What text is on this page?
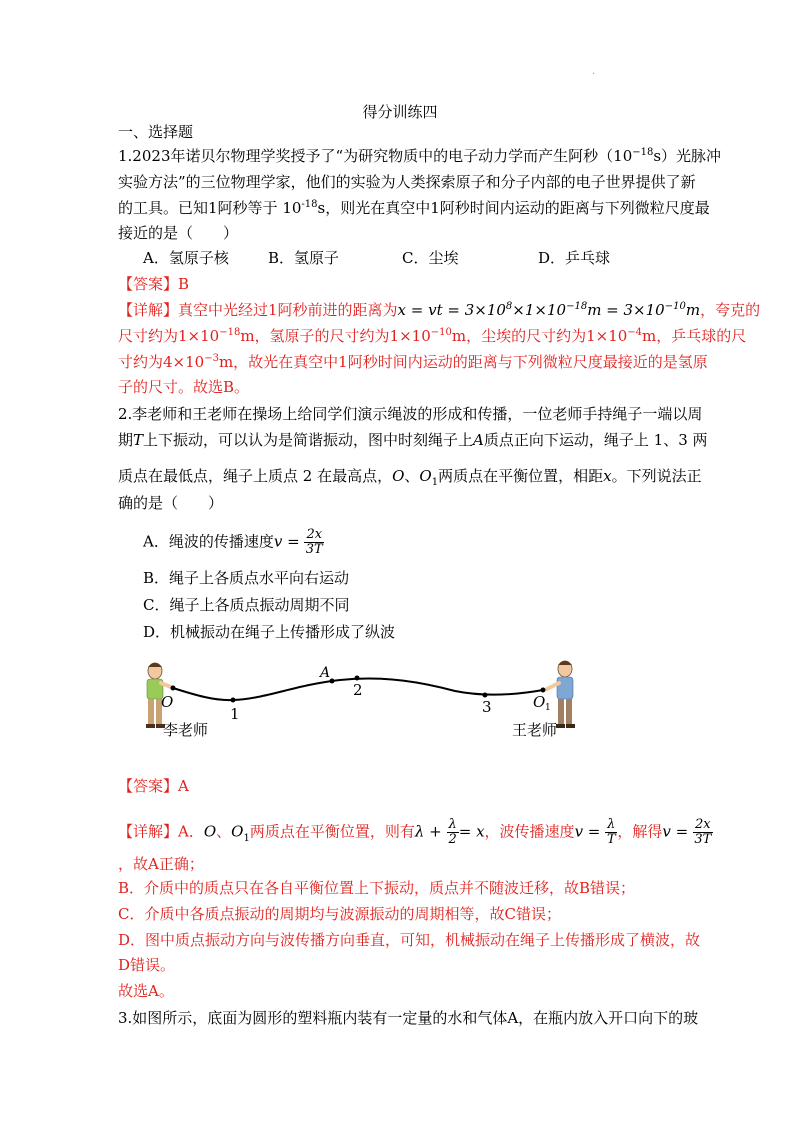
.
得分训练四
一、选择题
1.2023年诺贝尔物理学奖授予了“为研究物质中的电子动力学而产生阿秒$(10^{-18}s)$光脉冲
实验方法”的三位物理学家，他们的实验为人类探索原子和分子内部的电子世界提供了新
的工具。已知1阿秒等于 $10^{-18}s$，则光在真空中1阿秒时间内运动的距离与下列微粒尺度最
接近的是（　　）
A．氢原子核	B．氢原子	C．尘埃	D．乒乓球
【答案】B
【详解】真空中光经过1阿秒前进的距离为x = vt = $3\times 10^8\times 1\times 10^{-18}m = 3\times 10^{-10}m$，夸克的
尺寸约为$1\times 10^{-18}m$，氢原子的尺寸约为$1\times 10^{-10}m$，尘埃的尺寸约为$1\times 10^{-4}m$，乒乓球的尺
寸约为$4\times 10^{-3}m$，故光在真空中1阿秒时间内运动的距离与下列微粒尺度最接近的是氢原
子的尺寸。故选B。
2.李老师和王老师在操场上给同学们演示绳波的形成和传播，一位老师手持绳子一端以周
期T上下振动，可以认为是简谐振动，图中时刻绳子上A质点正向下运动，绳子上 1、3 两
质点在最低点，绳子上质点 2 在最高点，O、$O_1$两质点在平衡位置，相距x。下列说法正
确的是（　　）
A．绳波的传播速度$v = \frac{2x}{3T}$
B．绳子上各质点水平向右运动
C．绳子上各质点振动周期不同
D．机械振动在绳子上传播形成了纵波
O
1
A
2
3	O 1
李老师	王老师
【答案】A
【详解】A．O、$O_1$两质点在平衡位置，则有$\lambda + \frac{\lambda}{2} = x$，波传播速度$v = \frac{\lambda}{T}$ ，解得$v = \frac{2x}{3T}$
，故A正确；
B．介质中的质点只在各自平衡位置上下振动，质点并不随波迁移，故B错误；
C．介质中各质点振动的周期均与波源振动的周期相等，故C错误；
D．图中质点振动方向与波传播方向垂直，可知，机械振动在绳子上传播形成了横波，故
D错误。
故选A。
3.如图所示，底面为圆形的塑料瓶内装有一定量的水和气体A，在瓶内放入开口向下的玻
